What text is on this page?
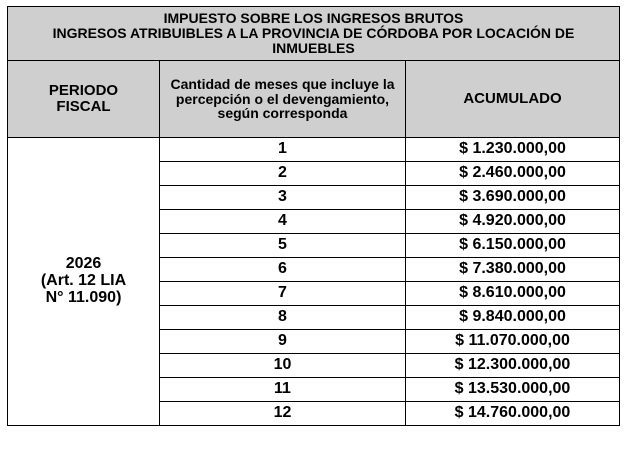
IMPUESTO SOBRE LOS INGRESOS BRUTOS
INGRESOS ATRIBUIBLES A LA PROVINCIA DE CÓRDOBA POR LOCACIÓN DE
INMUEBLES		

PERIODO
FISCAL	Cantidad de meses que incluye la percepción o el devengamiento, según corresponda	ACUMULADO

2026
(Art. 12 LIA
N° 11.090)	1	$ 1.230.000,00
	2	$ 2.460.000,00
	3	$ 3.690.000,00
	4	$ 4.920.000,00
	5	$ 6.150.000,00
	6	$ 7.380.000,00
	7	$ 8.610.000,00
	8	$ 9.840.000,00
	9	$ 11.070.000,00
	10	$ 12.300.000,00
	11	$ 13.530.000,00
	12	$ 14.760.000,00
